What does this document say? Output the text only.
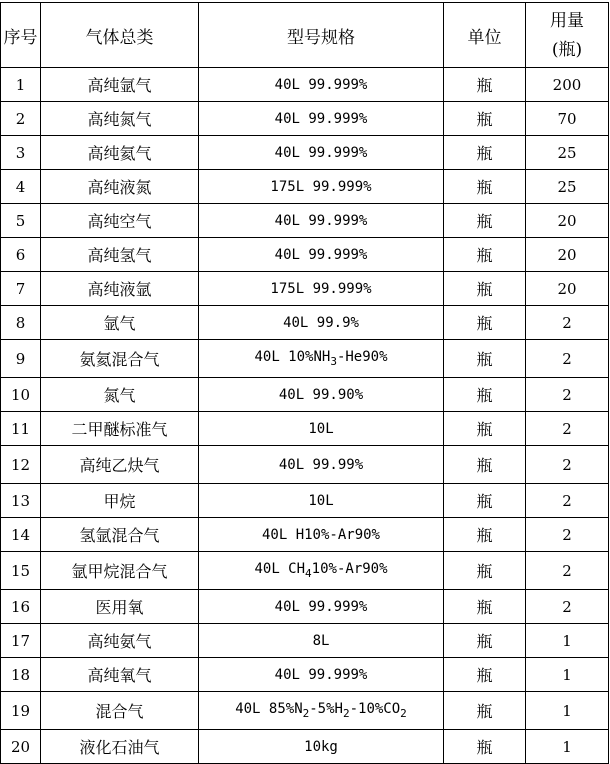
序号	气体总类	型号规格	单位	用量
(瓶)

1	高纯氩气	40L 99.999%	瓶	200
2	高纯氮气	40L 99.999%	瓶	70
3	高纯氦气	40L 99.999%	瓶	25
4	高纯液氮	175L 99.999%	瓶	25
5	高纯空气	40L 99.999%	瓶	20
6	高纯氢气	40L 99.999%	瓶	20
7	高纯液氩	175L 99.999%	瓶	20
8	氩气	40L 99.9%	瓶	2
9	氨氦混合气	40L $10\%NH_3-He90\%$	瓶	2
10	氮气	40L 99.90%	瓶	2
11	二甲醚标准气	10L	瓶	2
12	高纯乙炔气	40L 99.99%	瓶	2
13	甲烷	10L	瓶	2
14	氢氩混合气	40L H10%-Ar90%	瓶	2
15	氩甲烷混合气	40L $CH_410\%-Ar90\%$	瓶	2
16	医用氧	40L 99.999%	瓶	2
17	高纯氨气	8L	瓶	1
18	高纯氧气	40L 99.999%	瓶	1
19	混合气	40L $85\%N_2-5\%H_2-10\%CO_2$	瓶	1
20	液化石油气	10kg	瓶	1
